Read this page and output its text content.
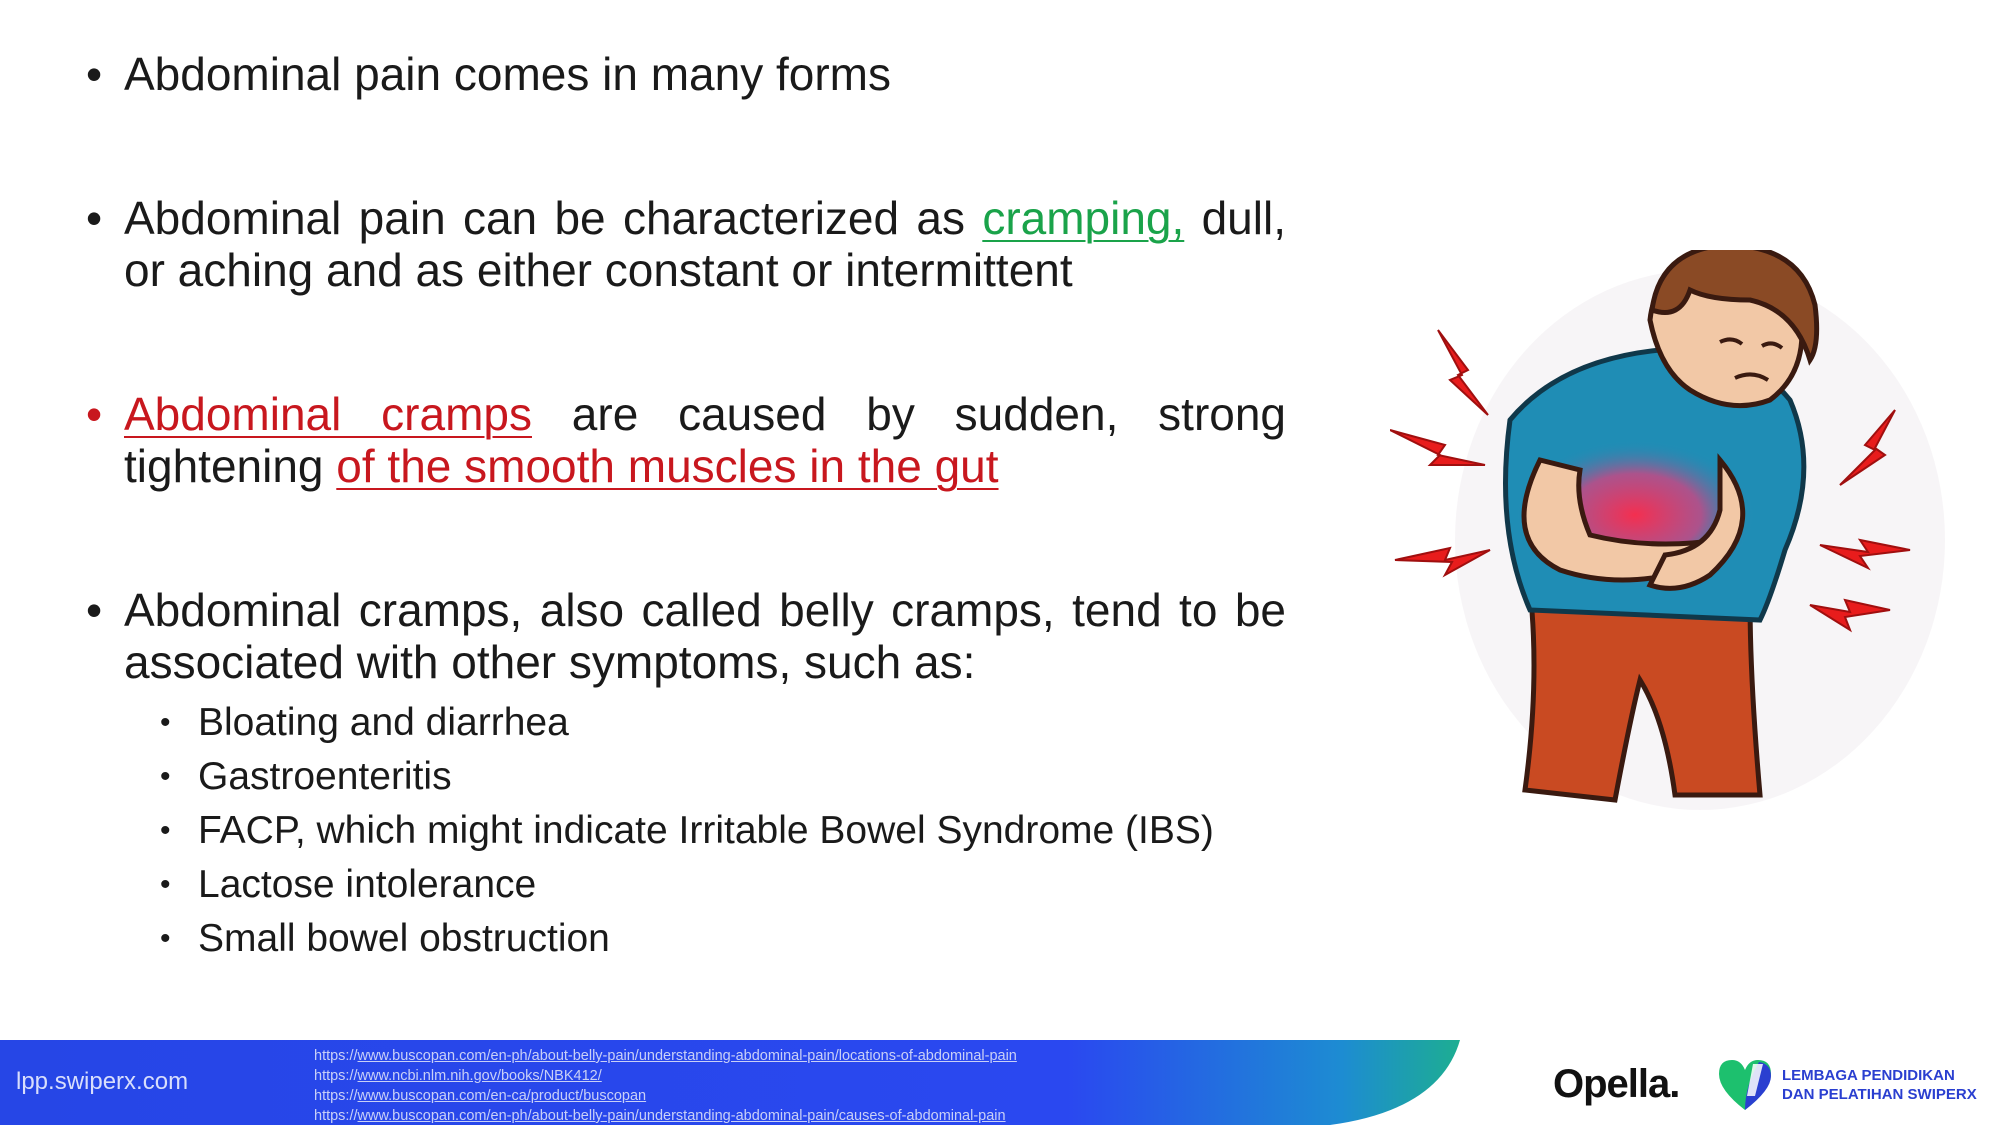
• Abdominal pain comes in many forms
• Abdominal pain can be characterized as cramping, dull, or aching and as either constant or intermittent
• Abdominal cramps are caused by sudden, strong tightening of the smooth muscles in the gut
• Abdominal cramps, also called belly cramps, tend to be associated with other symptoms, such as:
• Bloating and diarrhea
• Gastroenteritis
• FACP, which might indicate Irritable Bowel Syndrome (IBS)
• Lactose intolerance
• Small bowel obstruction
lpp.swiperx.com
https://www.buscopan.com/en-ph/about-belly-pain/understanding-abdominal-pain/locations-of-abdominal-pain
https://www.ncbi.nlm.nih.gov/books/NBK412/
https://www.buscopan.com/en-ca/product/buscopan
https://www.buscopan.com/en-ph/about-belly-pain/understanding-abdominal-pain/causes-of-abdominal-pain
Opella.	LEMBAGA PENDIDIKAN
DAN PELATIHAN SWIPERX
